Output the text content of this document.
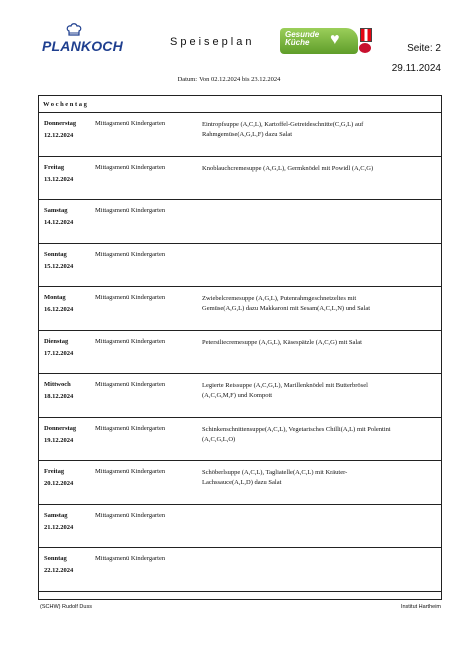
PLANKOCH	Speiseplan
Gesunde Küche	♥
Seite: 2
29.11.2024
Datum: Von 02.12.2024 bis 23.12.2024
Wochentag
Donnerstag
12.12.2024
Mittagsmenü Kindergarten	Eintropfsuppe (A,C,L), Kartoffel-Getreideschnitte(C,G,L) auf Rahmgemüse(A,G,L,F) dazu Salat
Freitag
13.12.2024
Mittagsmenü Kindergarten	Knoblauchcremesuppe (A,G,L), Germknödel mit Powidl (A,C,G)
Samstag
14.12.2024
Mittagsmenü Kindergarten
Sonntag
15.12.2024
Mittagsmenü Kindergarten
Montag
16.12.2024
Mittagsmenü Kindergarten	Zwiebelcremesuppe (A,G,L), Putenrahmgeschnetzeltes mit Gemüse(A,G,L) dazu Makkaroni mit Sesam(A,C,L,N) und Salat
Dienstag
17.12.2024
Mittagsmenü Kindergarten	Petersiliecremesuppe (A,G,L), Käsespätzle (A,C,G) mit Salat
Mittwoch
18.12.2024
Mittagsmenü Kindergarten	Legierte Reissuppe (A,C,G,L), Marillenknödel mit Butterbrösel (A,C,G,M,F) und Kompott
Donnerstag
19.12.2024
Mittagsmenü Kindergarten	Schinkenschnittensuppe(A,C,L), Vegetarisches Chilli(A,L) mit Polentini (A,C,G,L,O)
Freitag
20.12.2024
Mittagsmenü Kindergarten	Schöberlsuppe (A,C,L), Tagliatelle(A,C,L) mit Kräuter-Lachssauce(A,L,D) dazu Salat
Samstag
21.12.2024
Mittagsmenü Kindergarten
Sonntag
22.12.2024
Mittagsmenü Kindergarten
(SCHW) Rudolf Duss	Institut Hartheim
